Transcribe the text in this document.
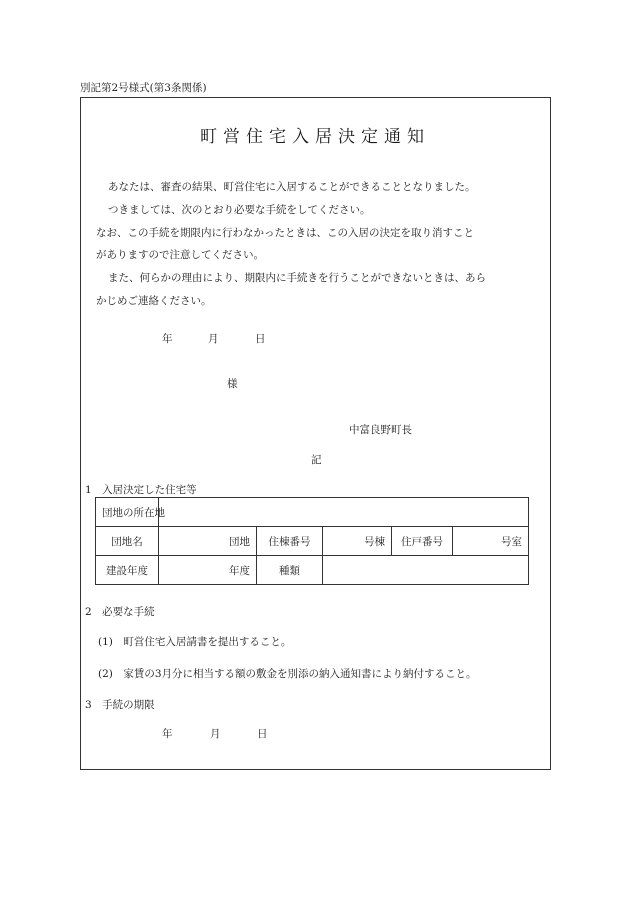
別記第2号様式(第3条関係)
町営住宅入居決定通知
あなたは、審査の結果、町営住宅に入居することができることとなりました。
つきましては、次のとおり必要な手続をしてください。
なお、この手続を期限内に行わなかったときは、この入居の決定を取り消すこと
がありますので注意してください。
また、何らかの理由により、期限内に手続きを行うことができないときは、あら
かじめご連絡ください。
年	月	日
様
中富良野町長
記
1　入居決定した住宅等
団地の所在地					
団地名	団地	住棟番号	号棟	住戸番号	号室
建設年度	年度	種類			
2　必要な手続
(1)　町営住宅入居請書を提出すること。
(2)　家賃の3月分に相当する額の敷金を別添の納入通知書により納付すること。
3　手続の期限
年	月	日
